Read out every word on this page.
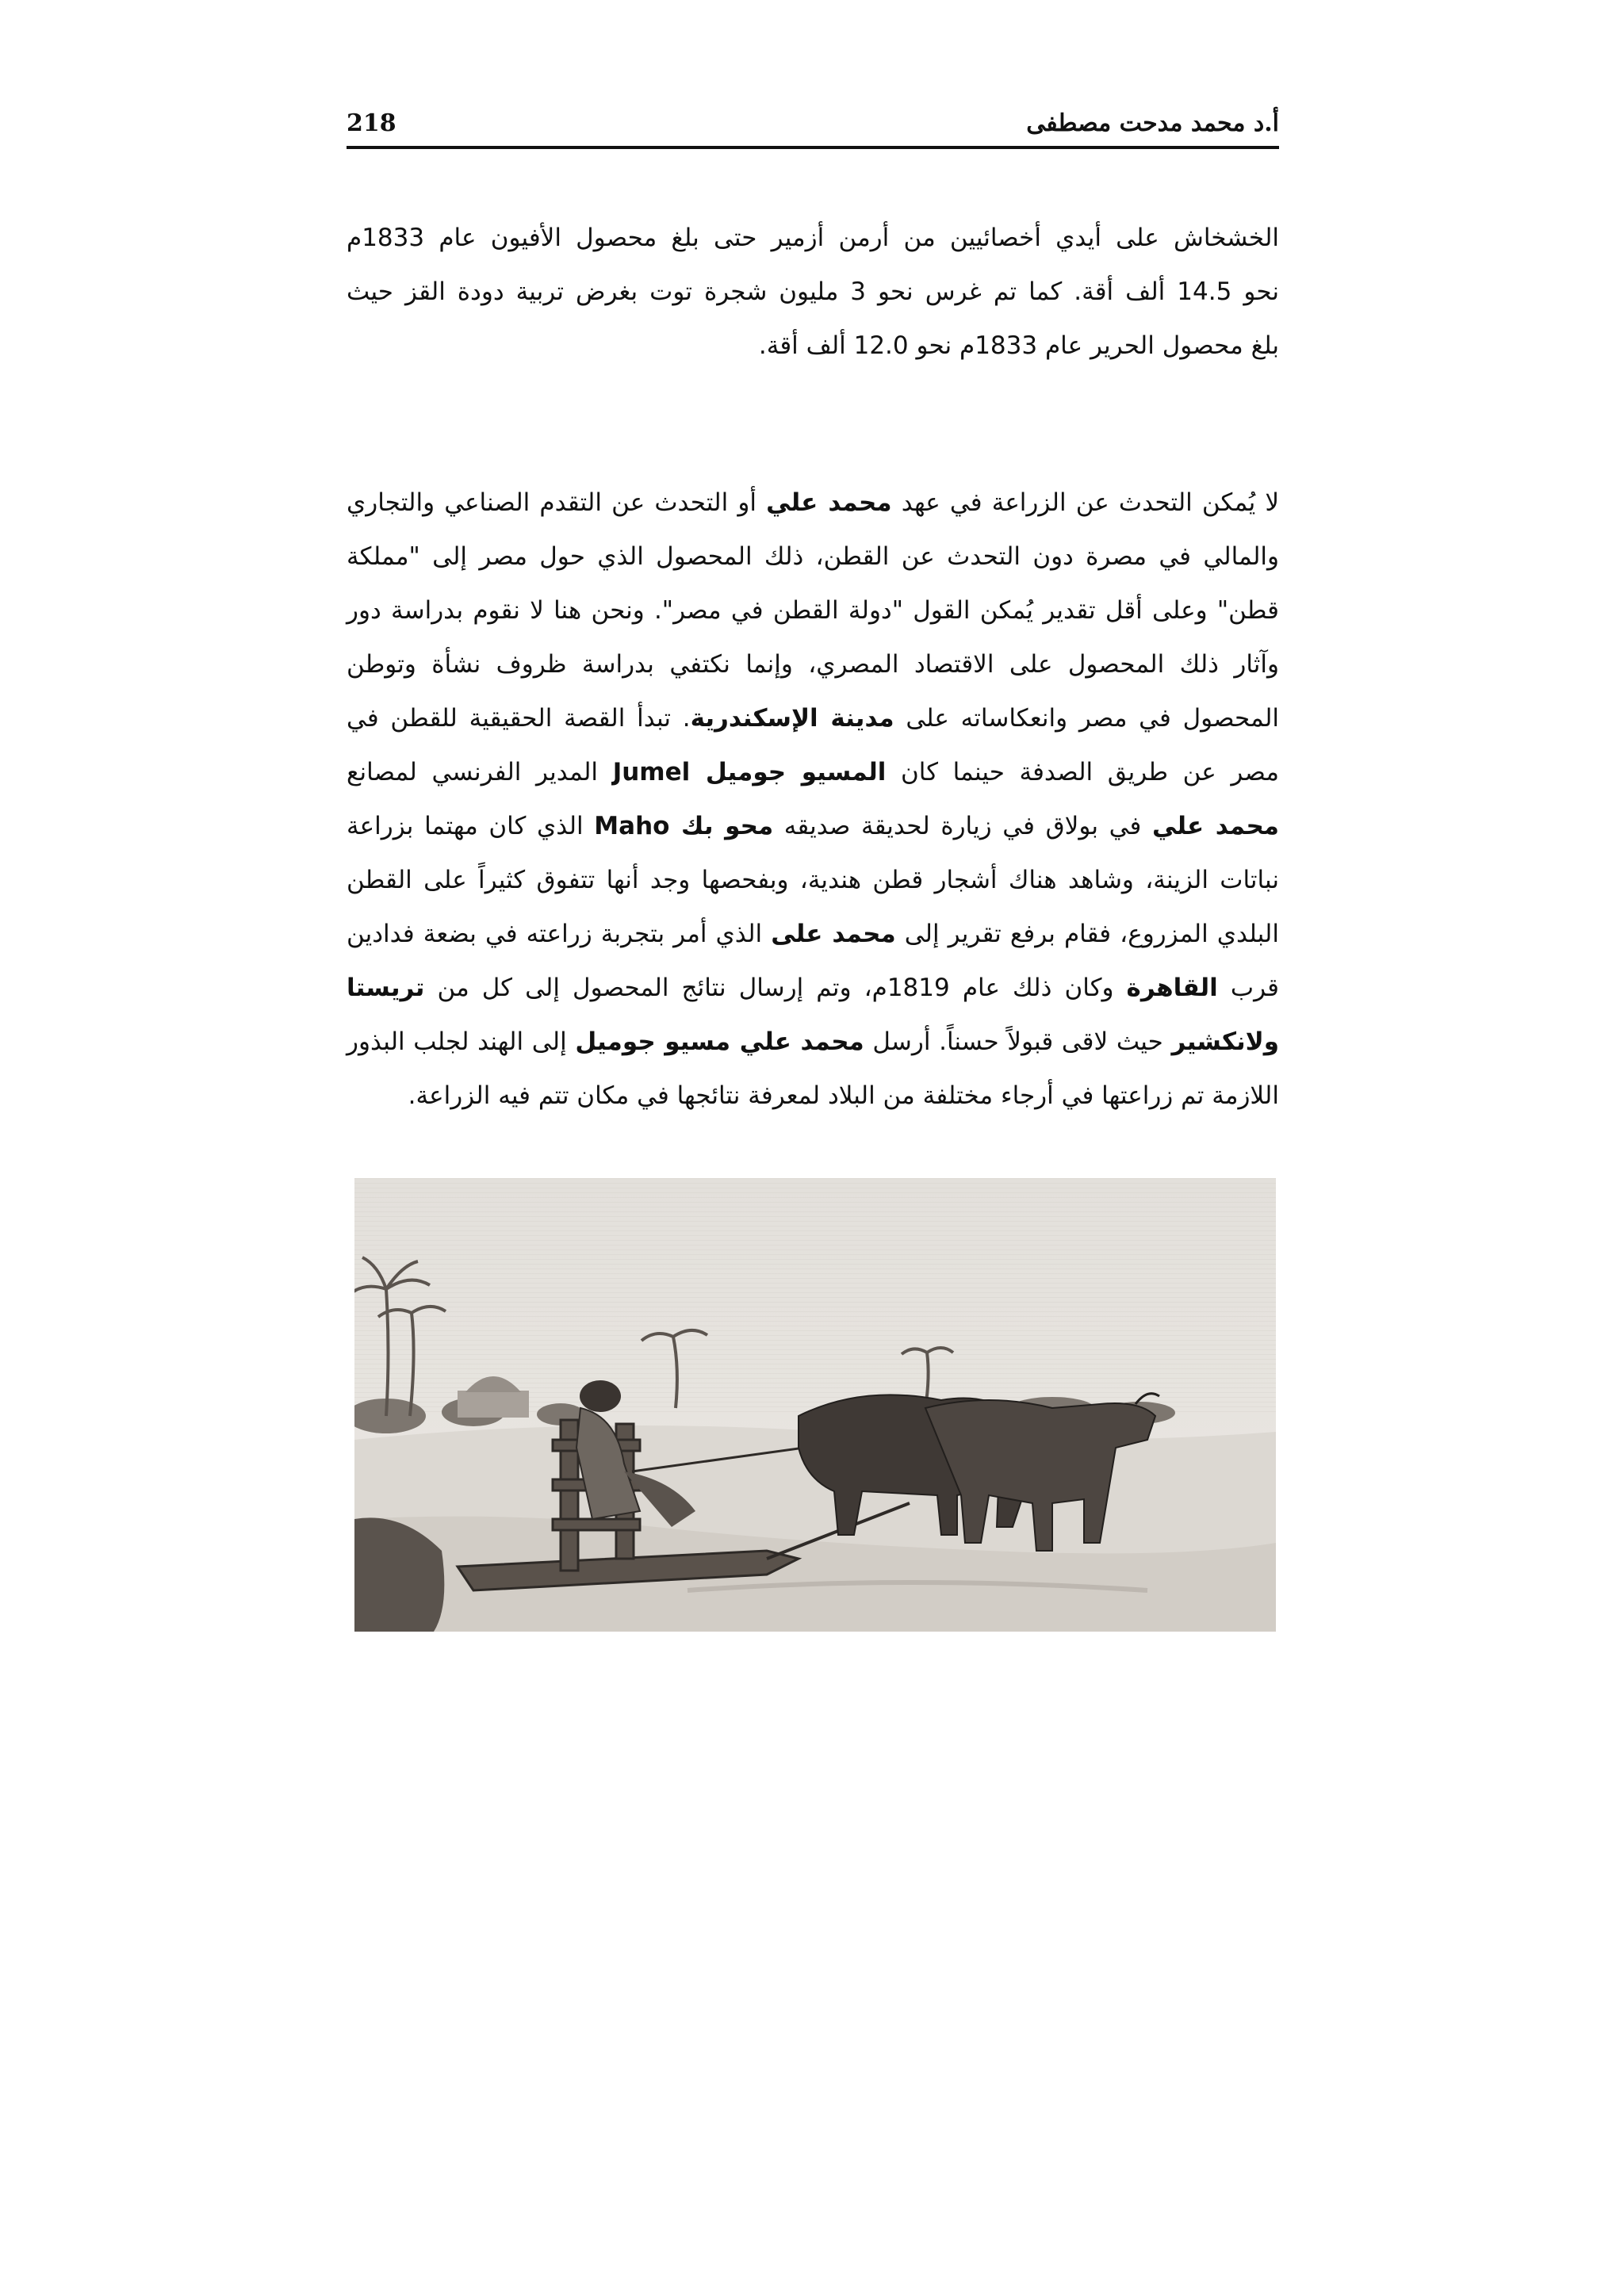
218	أ.د محمد مدحت مصطفى
الخشخاش على أيدي أخصائيين من أرمن أزمير حتى بلغ محصول الأفيون عام 1833م
نحو 14.5 ألف أقة. كما تم غرس نحو 3 مليون شجرة توت بغرض تربية دودة القز حيث
بلغ محصول الحرير عام 1833م نحو 12.0 ألف أقة.
لا يُمكن التحدث عن الزراعة في عهد محمد علي أو التحدث عن التقدم الصناعي والتجاري
والمالي في مصرة دون التحدث عن القطن، ذلك المحصول الذي حول مصر إلى "مملكة
قطن" وعلى أقل تقدير يُمكن القول "دولة القطن في مصر". ونحن هنا لا نقوم بدراسة دور
وآثار ذلك المحصول على الاقتصاد المصري، وإنما نكتفي بدراسة ظروف نشأة وتوطن
المحصول في مصر وانعكاساته على مدينة الإسكندرية. تبدأ القصة الحقيقية للقطن في
مصر عن طريق الصدفة حينما كان المسيو جوميل Jumel المدير الفرنسي لمصانع
محمد علي في بولاق في زيارة لحديقة صديقه محو بك Maho الذي كان مهتما بزراعة
نباتات الزينة، وشاهد هناك أشجار قطن هندية، وبفحصها وجد أنها تتفوق كثيراً على القطن
البلدي المزروع، فقام برفع تقرير إلى محمد على الذي أمر بتجربة زراعته في بضعة فدادين
قرب القاهرة وكان ذلك عام 1819م، وتم إرسال نتائج المحصول إلى كل من تريستا
ولانكشير حيث لاقى قبولاً حسناً. أرسل محمد علي مسيو جوميل إلى الهند لجلب البذور
اللازمة تم زراعتها في أرجاء مختلفة من البلاد لمعرفة نتائجها في مكان تتم فيه الزراعة.
